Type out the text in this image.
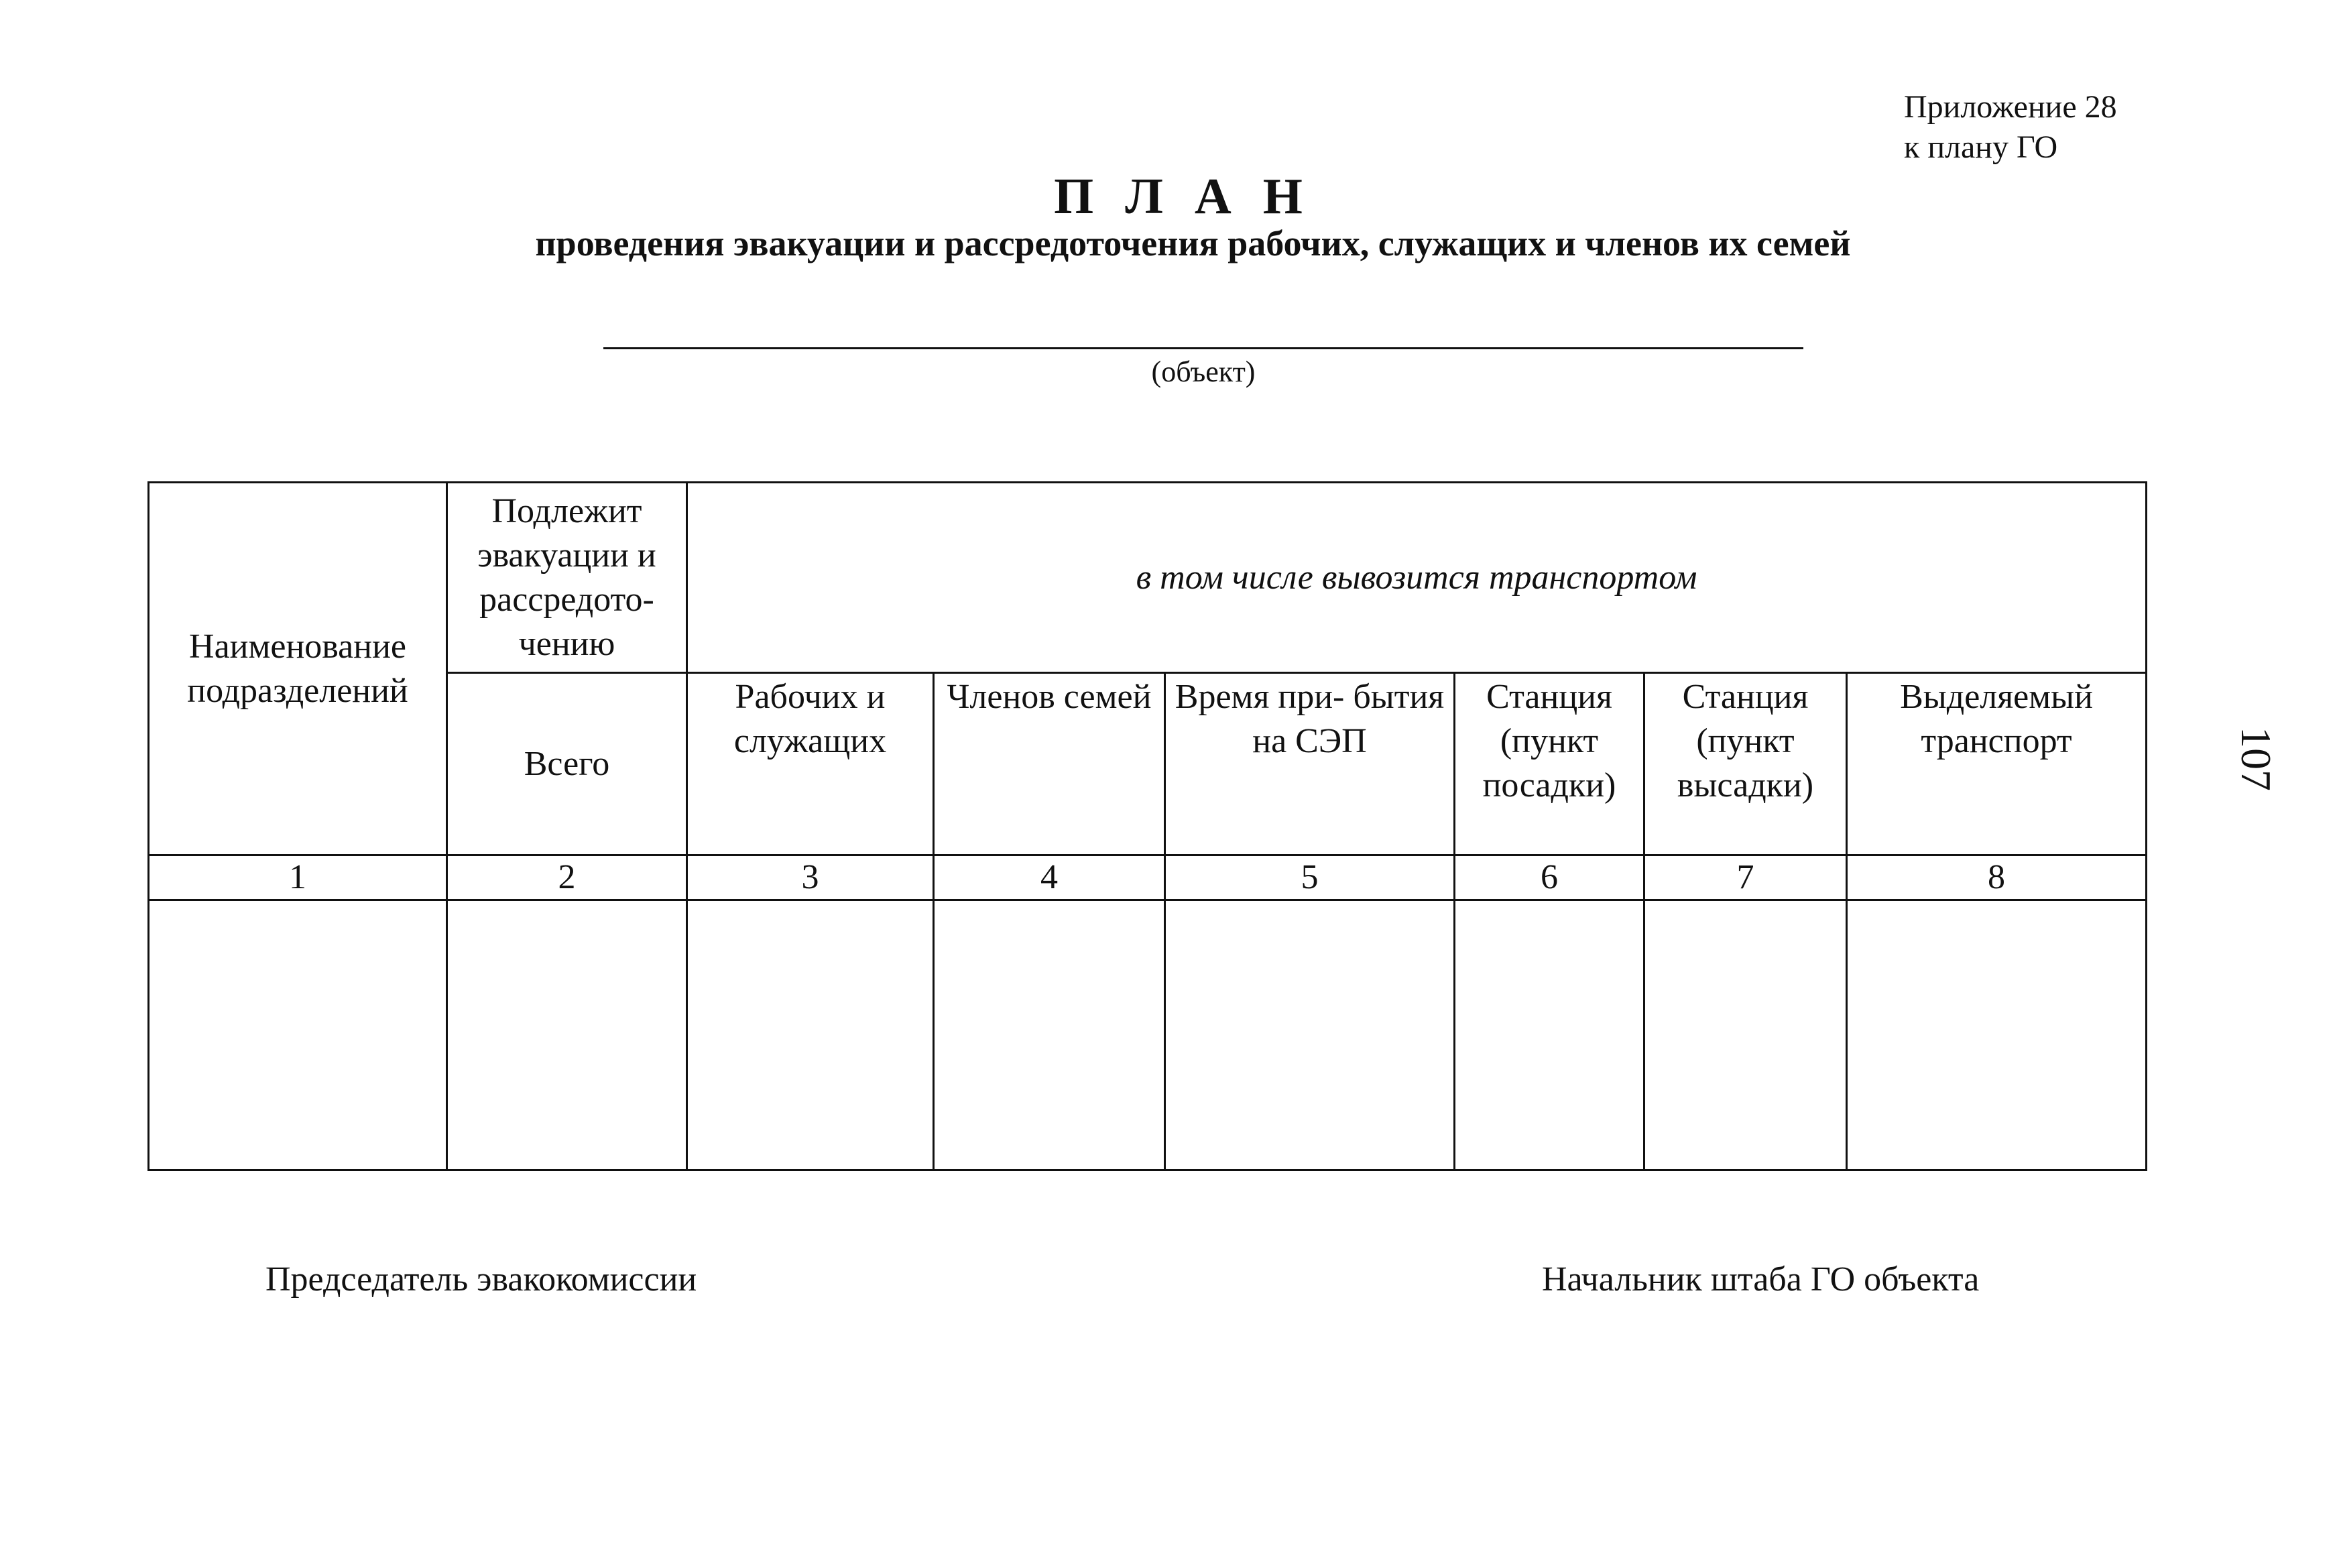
Приложение 28
к плану ГО
П Л А Н
проведения эвакуации и рассредоточения рабочих, служащих и членов их семей
(объект)
Наименование подразделений	Подлежит эвакуации и рассредото- чению	в том числе вывозится транспортом					
	Всего	Рабочих и служащих	Членов семей	Время при- бытия на СЭП	Станция (пункт посадки)	Станция (пункт высадки)	Выделяемый транспорт
1	2	3	4	5	6	7	8

Председатель эвакокомиссии	Начальник штаба ГО объекта
107
